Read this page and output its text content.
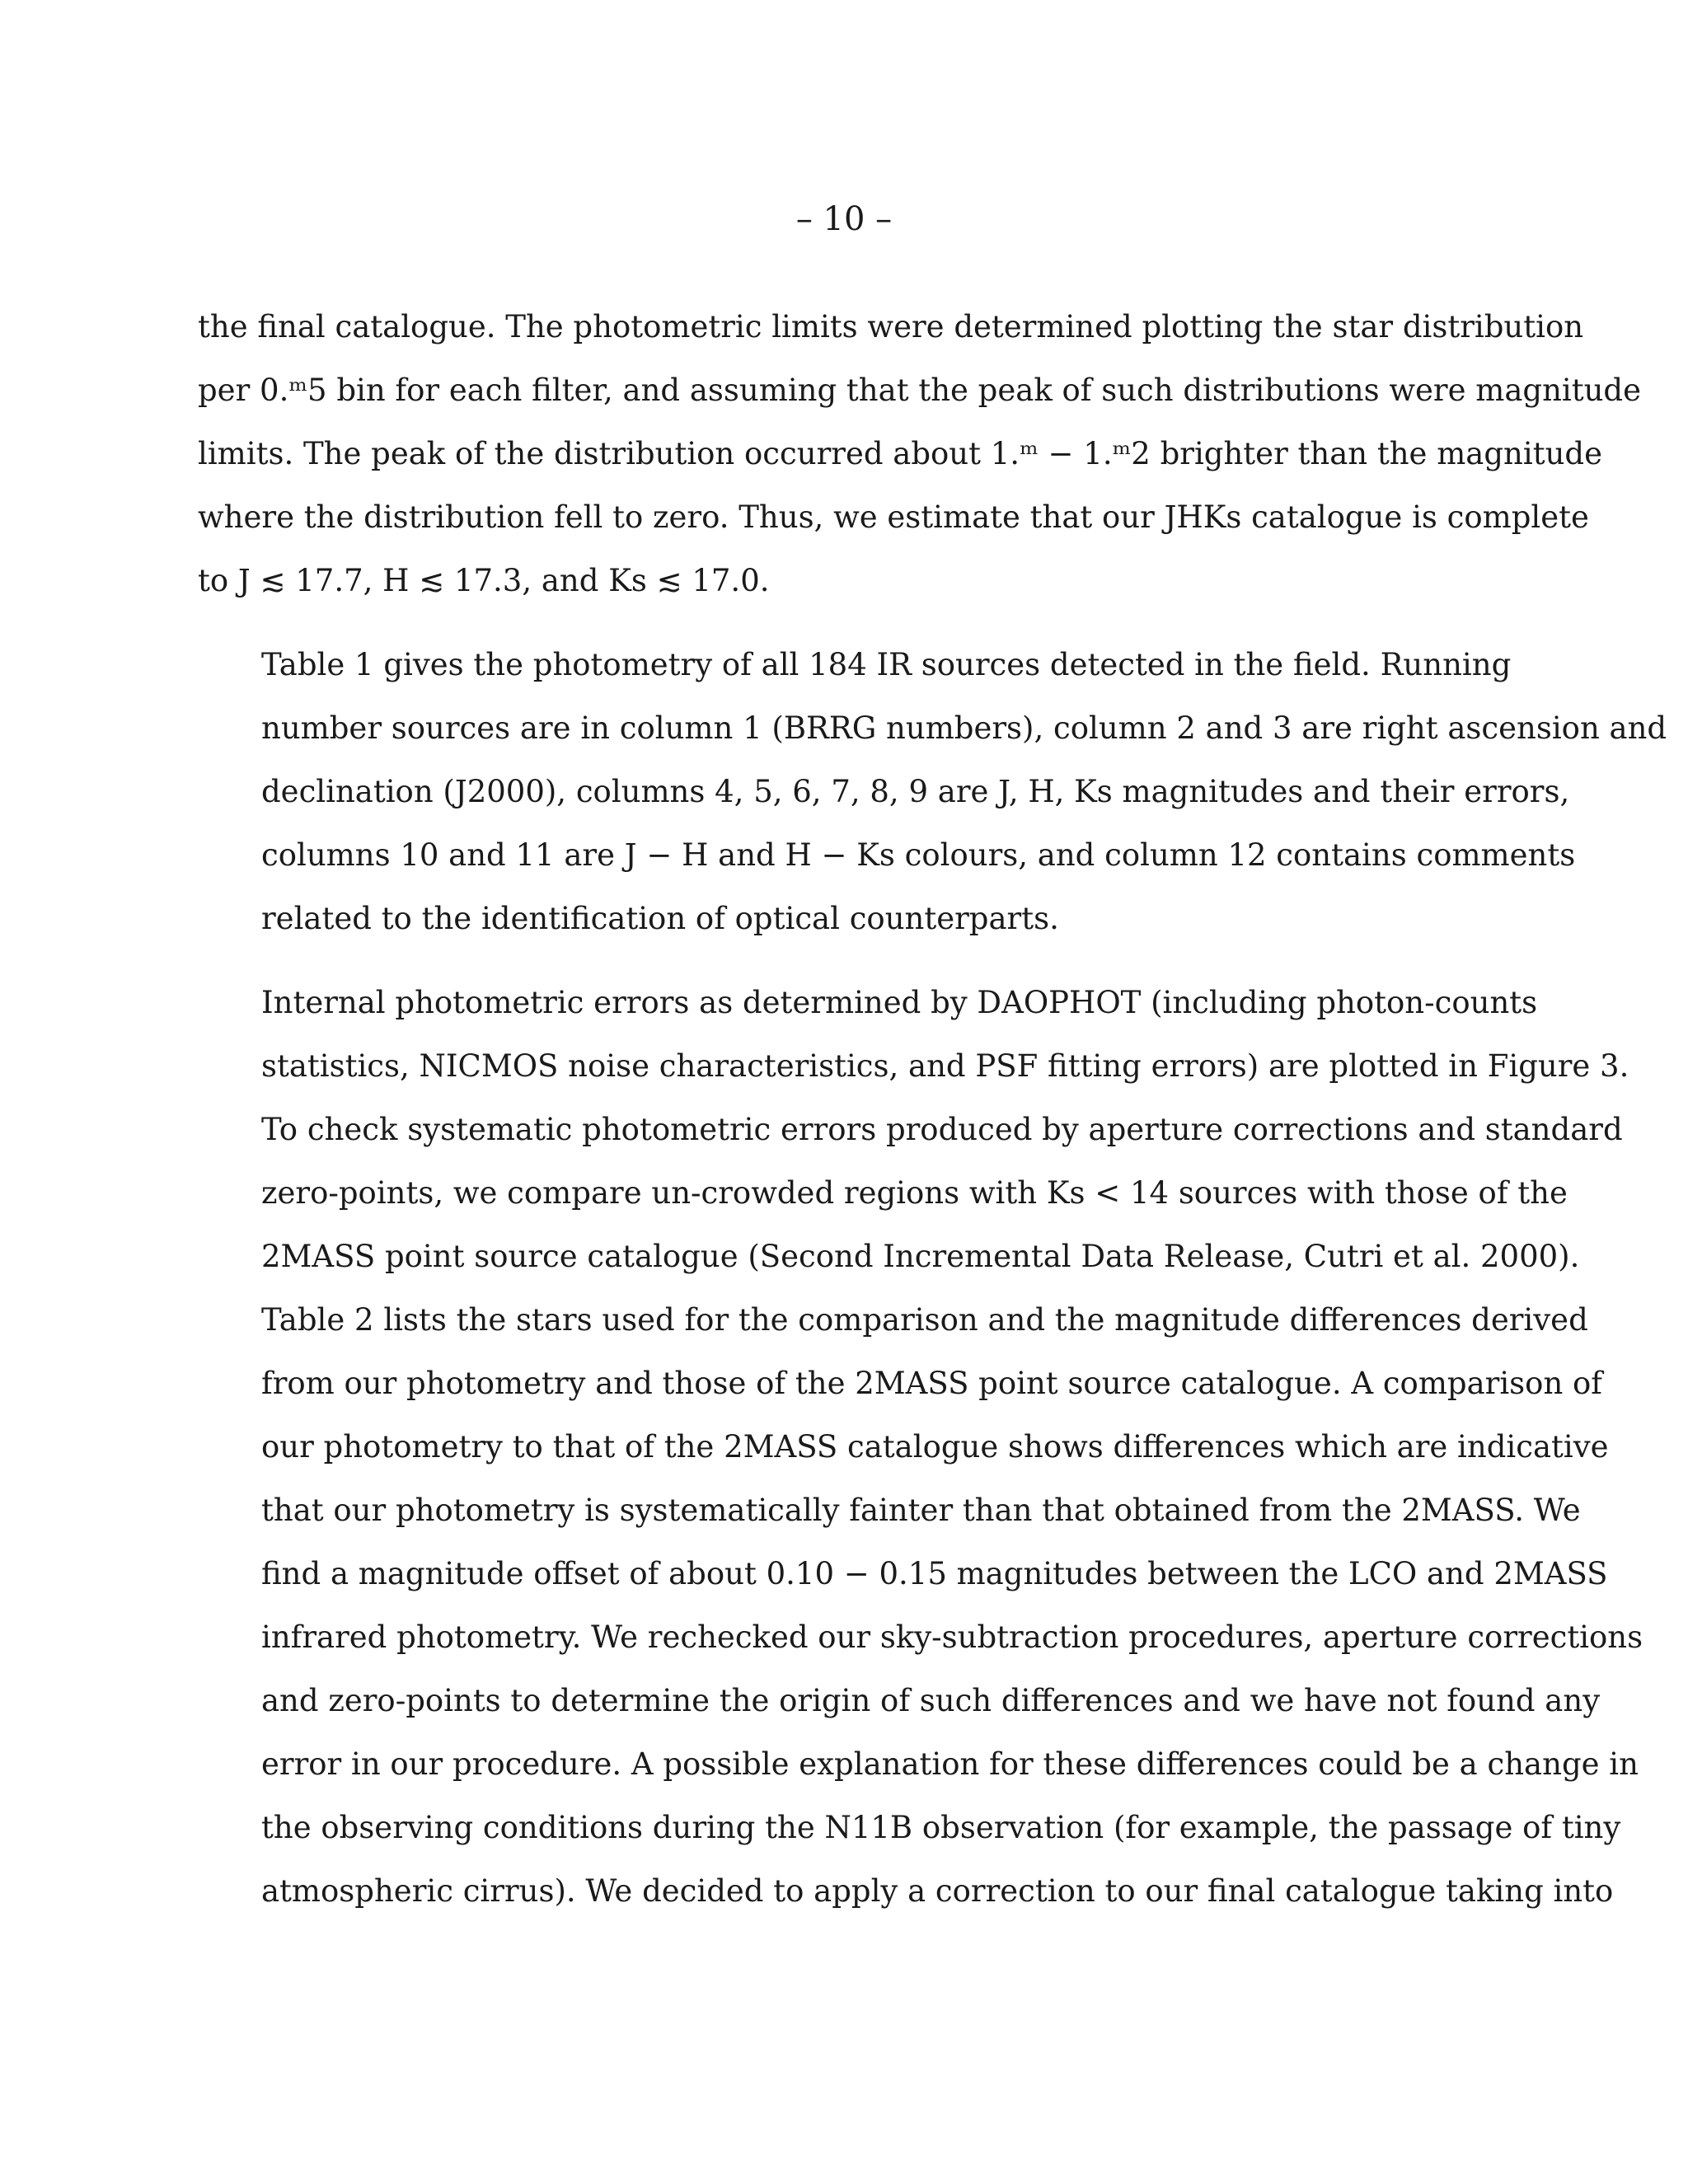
– 10 –
the final catalogue. The photometric limits were determined plotting the star distribution
per 0.ᵐ5 bin for each filter, and assuming that the peak of such distributions were magnitude
limits. The peak of the distribution occurred about 1.ᵐ − 1.ᵐ2 brighter than the magnitude
where the distribution fell to zero. Thus, we estimate that our JHKs catalogue is complete
to J ≲ 17.7, H ≲ 17.3, and Ks ≲ 17.0.
Table 1 gives the photometry of all 184 IR sources detected in the field. Running
number sources are in column 1 (BRRG numbers), column 2 and 3 are right ascension and
declination (J2000), columns 4, 5, 6, 7, 8, 9 are J, H, Ks magnitudes and their errors,
columns 10 and 11 are J − H and H − Ks colours, and column 12 contains comments
related to the identification of optical counterparts.
Internal photometric errors as determined by DAOPHOT (including photon-counts
statistics, NICMOS noise characteristics, and PSF fitting errors) are plotted in Figure 3.
To check systematic photometric errors produced by aperture corrections and standard
zero-points, we compare un-crowded regions with Ks < 14 sources with those of the
2MASS point source catalogue (Second Incremental Data Release, Cutri et al. 2000).
Table 2 lists the stars used for the comparison and the magnitude differences derived
from our photometry and those of the 2MASS point source catalogue. A comparison of
our photometry to that of the 2MASS catalogue shows differences which are indicative
that our photometry is systematically fainter than that obtained from the 2MASS. We
find a magnitude offset of about 0.10 − 0.15 magnitudes between the LCO and 2MASS
infrared photometry. We rechecked our sky-subtraction procedures, aperture corrections
and zero-points to determine the origin of such differences and we have not found any
error in our procedure. A possible explanation for these differences could be a change in
the observing conditions during the N11B observation (for example, the passage of tiny
atmospheric cirrus). We decided to apply a correction to our final catalogue taking into
